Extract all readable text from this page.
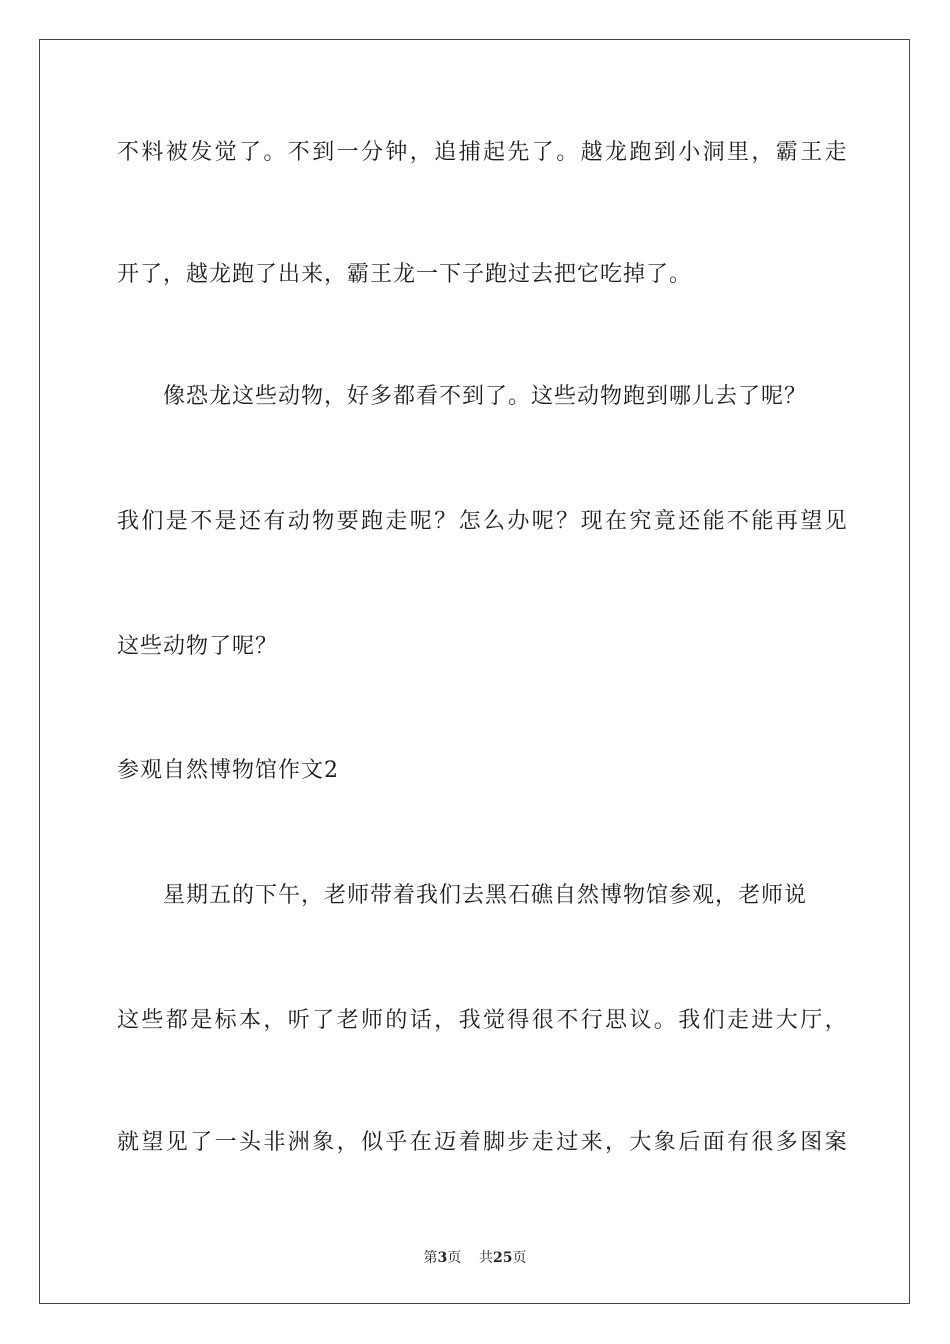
不料被发觉了。不到一分钟，追捕起先了。越龙跑到小洞里，霸王走
开了，越龙跑了出来，霸王龙一下子跑过去把它吃掉了。
像恐龙这些动物，好多都看不到了。这些动物跑到哪儿去了呢？
我们是不是还有动物要跑走呢？怎么办呢？现在究竟还能不能再望见
这些动物了呢？
参观自然博物馆作文2
星期五的下午，老师带着我们去黑石礁自然博物馆参观，老师说
这些都是标本，听了老师的话，我觉得很不行思议。我们走进大厅，
就望见了一头非洲象，似乎在迈着脚步走过来，大象后面有很多图案
第3页 共25页
